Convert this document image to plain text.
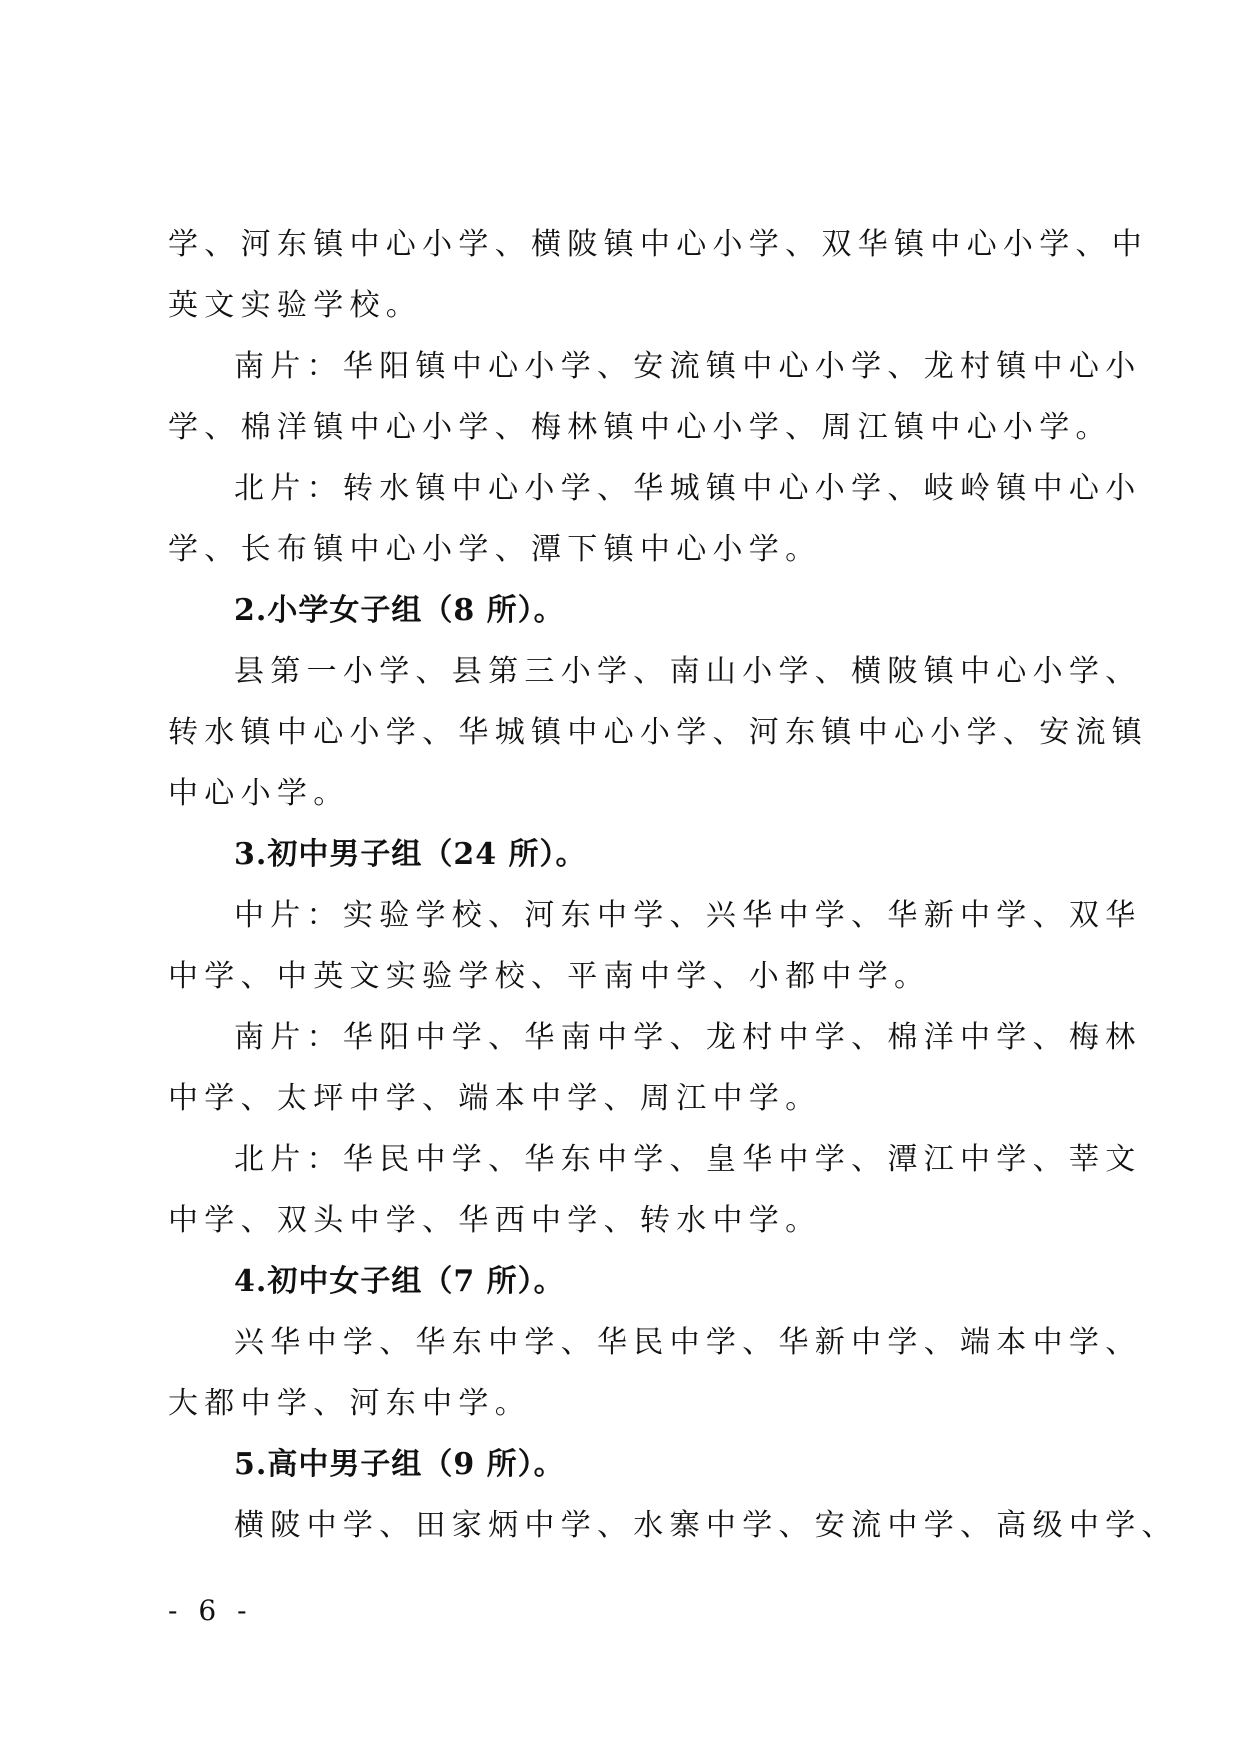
学、河东镇中心小学、横陂镇中心小学、双华镇中心小学、中
英文实验学校。
南片：华阳镇中心小学、安流镇中心小学、龙村镇中心小
学、棉洋镇中心小学、梅林镇中心小学、周江镇中心小学。
北片：转水镇中心小学、华城镇中心小学、岐岭镇中心小
学、长布镇中心小学、潭下镇中心小学。
2.小学女子组（8 所）。
县第一小学、县第三小学、南山小学、横陂镇中心小学、
转水镇中心小学、华城镇中心小学、河东镇中心小学、安流镇
中心小学。
3.初中男子组（24 所）。
中片：实验学校、河东中学、兴华中学、华新中学、双华
中学、中英文实验学校、平南中学、小都中学。
南片：华阳中学、华南中学、龙村中学、棉洋中学、梅林
中学、太坪中学、端本中学、周江中学。
北片：华民中学、华东中学、皇华中学、潭江中学、莘文
中学、双头中学、华西中学、转水中学。
4.初中女子组（7 所）。
兴华中学、华东中学、华民中学、华新中学、端本中学、
大都中学、河东中学。
5.高中男子组（9 所）。
横陂中学、田家炳中学、水寨中学、安流中学、高级中学、
- 6 -
